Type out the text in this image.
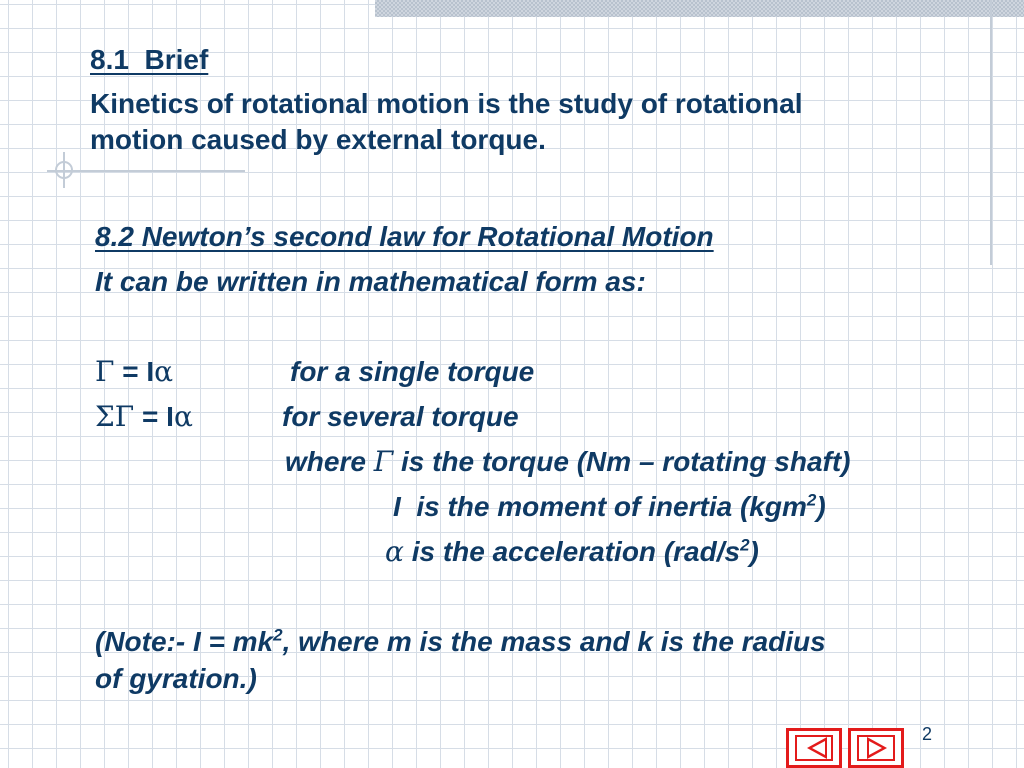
8.1 Brief
Kinetics of rotational motion is the study of rotational
motion caused by external torque.
8.2 Newton’s second law for Rotational Motion
It can be written in mathematical form as:
Γ = Iα	for a single torque
ΣΓ = Iα	for several torque
where Γ is the torque (Nm – rotating shaft)
I is the moment of inertia (kgm$^2$)
α is the acceleration $(rad/s^2)$
(Note:- $I = mk^2$, where m is the mass and k is the radius
of gyration.)
2
